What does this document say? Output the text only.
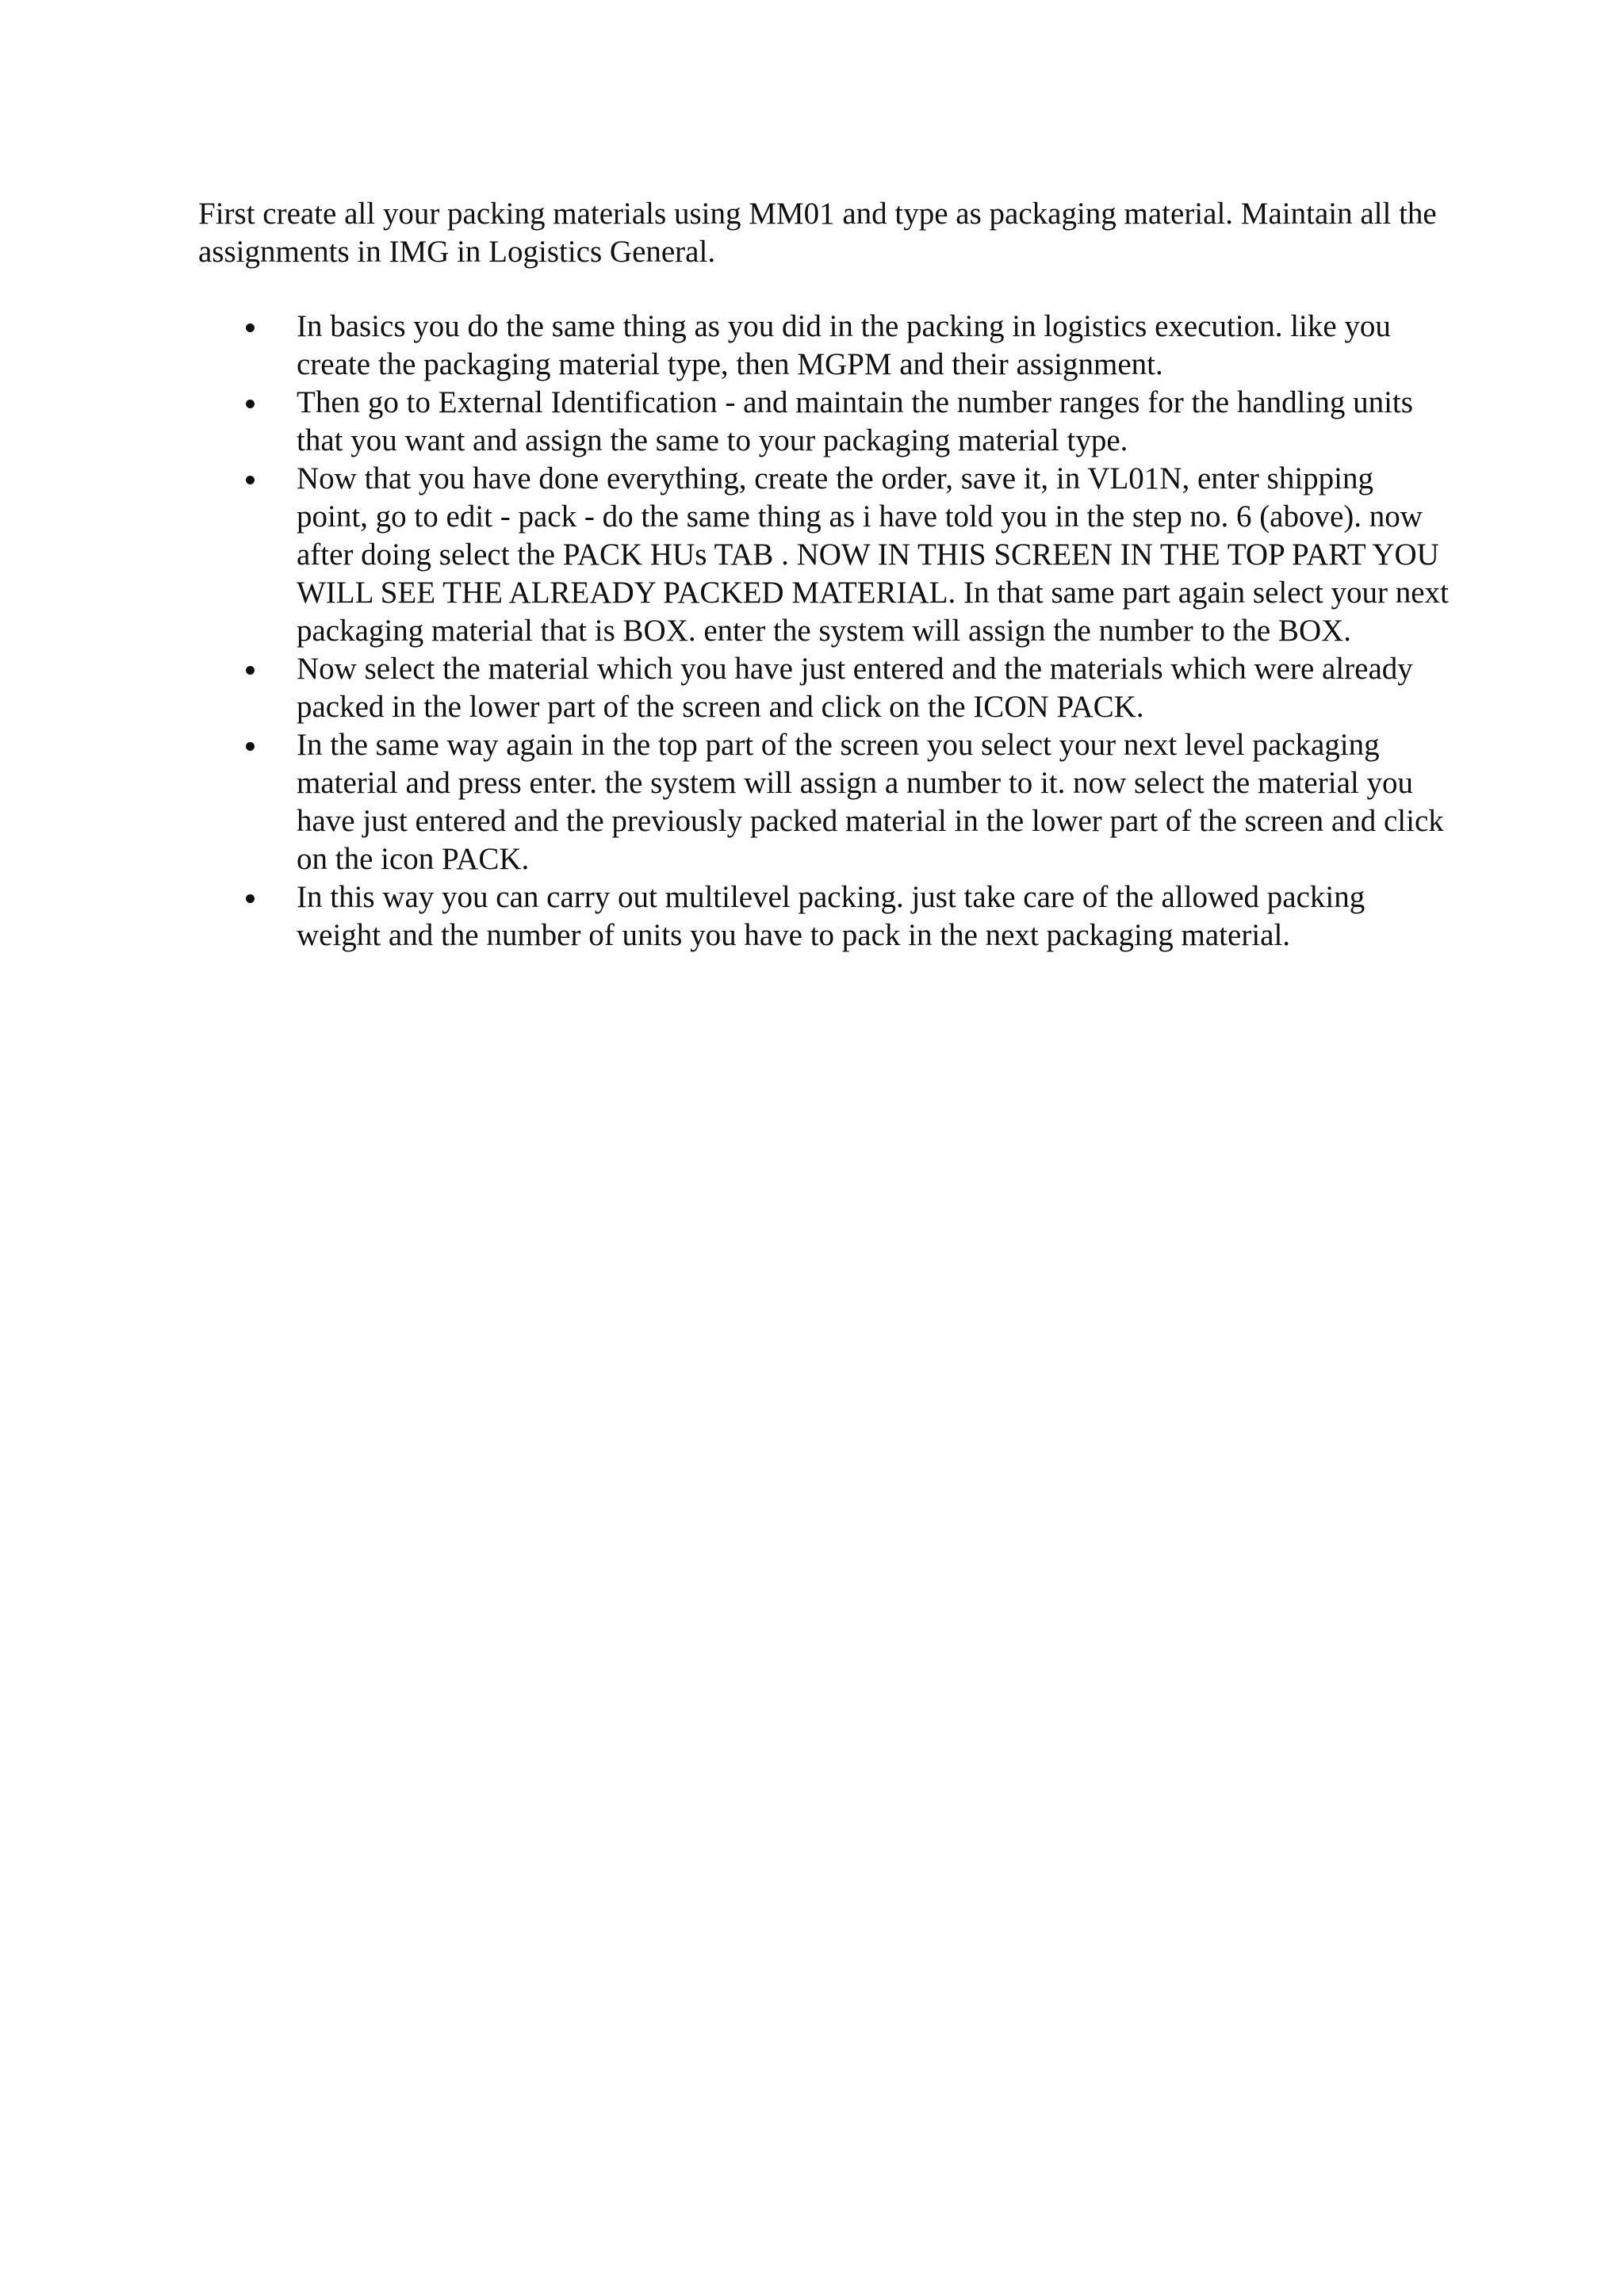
First create all your packing materials using MM01 and type as packaging material. Maintain all the assignments in IMG in Logistics General.

In basics you do the same thing as you did in the packing in logistics execution. like you create the packaging material type, then MGPM and their assignment.
Then go to External Identification - and maintain the number ranges for the handling units that you want and assign the same to your packaging material type.
Now that you have done everything, create the order, save it, in VL01N, enter shipping point, go to edit - pack - do the same thing as i have told you in the step no. 6 (above). now after doing select the PACK HUs TAB . NOW IN THIS SCREEN IN THE TOP PART YOU WILL SEE THE ALREADY PACKED MATERIAL. In that same part again select your next packaging material that is BOX. enter the system will assign the number to the BOX.
Now select the material which you have just entered and the materials which were already packed in the lower part of the screen and click on the ICON PACK.
In the same way again in the top part of the screen you select your next level packaging material and press enter. the system will assign a number to it. now select the material you have just entered and the previously packed material in the lower part of the screen and click on the icon PACK.
In this way you can carry out multilevel packing. just take care of the allowed packing weight and the number of units you have to pack in the next packaging material.
